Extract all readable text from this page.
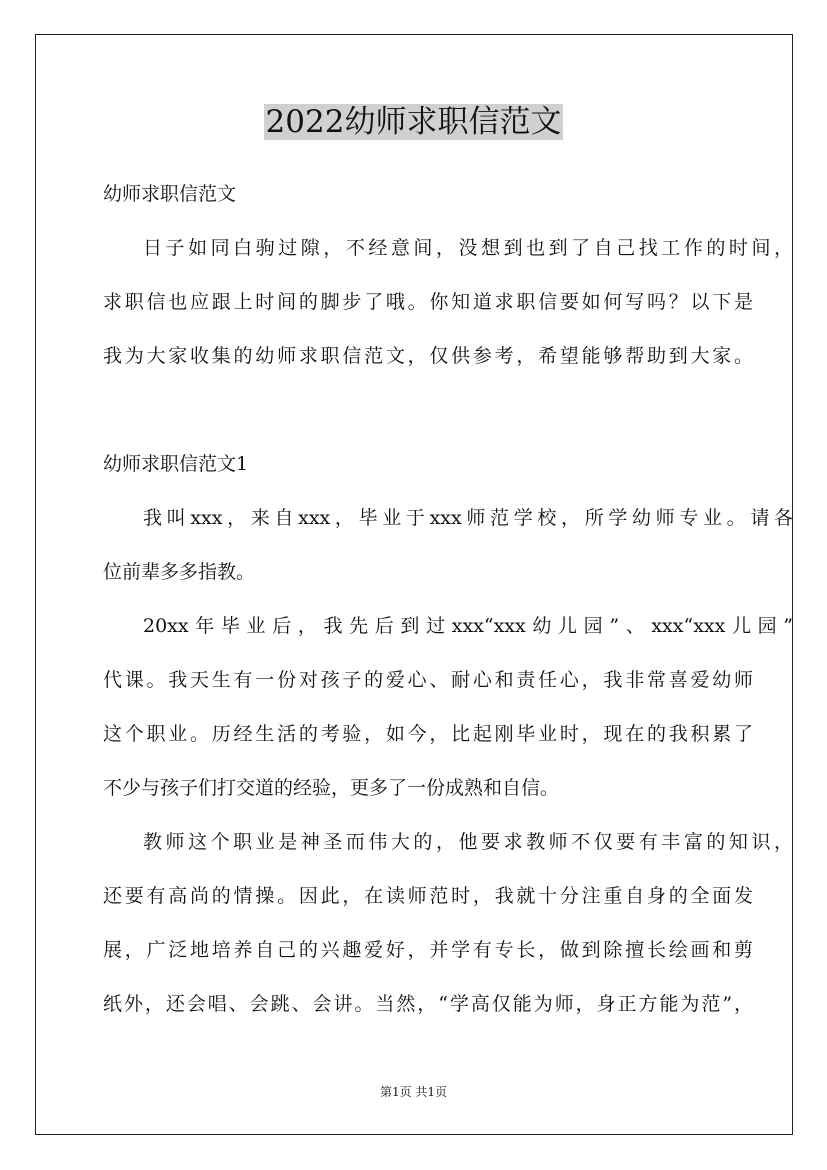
2022幼师求职信范文
幼师求职信范文
日子如同白驹过隙，不经意间，没想到也到了自己找工作的时间，
求职信也应跟上时间的脚步了哦。你知道求职信要如何写吗？以下是
我为大家收集的幼师求职信范文，仅供参考，希望能够帮助到大家。
幼师求职信范文1
我叫xxx，来自xxx，毕业于xxx师范学校，所学幼师专业。请各
位前辈多多指教。
20xx年毕业后，我先后到过xxx“xxx幼儿园”、xxx“xxx儿园”
代课。我天生有一份对孩子的爱心、耐心和责任心，我非常喜爱幼师
这个职业。历经生活的考验，如今，比起刚毕业时，现在的我积累了
不少与孩子们打交道的经验，更多了一份成熟和自信。
教师这个职业是神圣而伟大的，他要求教师不仅要有丰富的知识，
还要有高尚的情操。因此，在读师范时，我就十分注重自身的全面发
展，广泛地培养自己的兴趣爱好，并学有专长，做到除擅长绘画和剪
纸外，还会唱、会跳、会讲。当然，“学高仅能为师，身正方能为范”，
第1页 共1页
